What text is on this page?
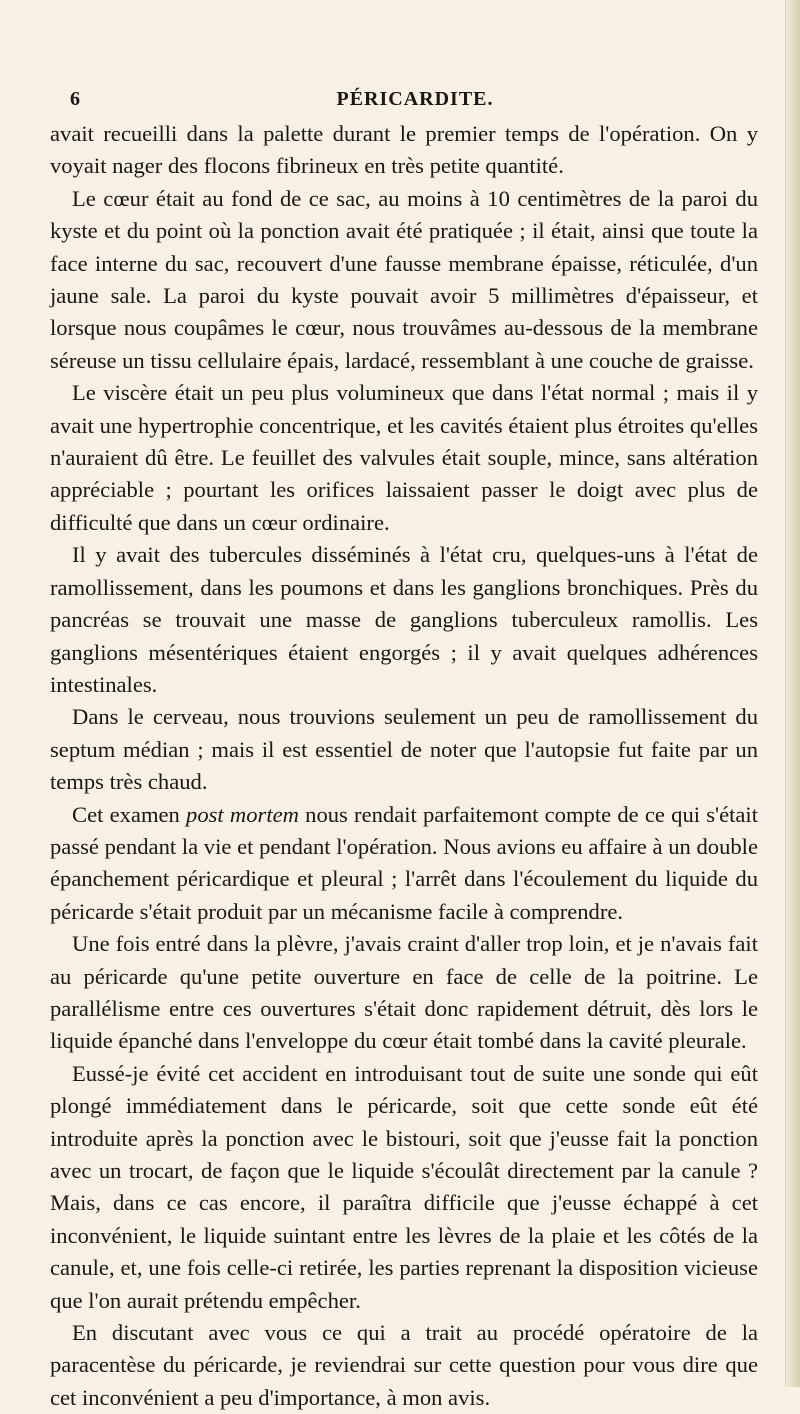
6	PÉRICARDITE.

avait recueilli dans la palette durant le premier temps de l'opération. On y voyait nager des flocons fibrineux en très petite quantité.

Le cœur était au fond de ce sac, au moins à 10 centimètres de la paroi du kyste et du point où la ponction avait été pratiquée ; il était, ainsi que toute la face interne du sac, recouvert d'une fausse membrane épaisse, réticulée, d'un jaune sale. La paroi du kyste pouvait avoir 5 millimètres d'épaisseur, et lorsque nous coupâmes le cœur, nous trouvâmes au-dessous de la membrane séreuse un tissu cellulaire épais, lardacé, ressemblant à une couche de graisse.

Le viscère était un peu plus volumineux que dans l'état normal ; mais il y avait une hypertrophie concentrique, et les cavités étaient plus étroites qu'elles n'auraient dû être. Le feuillet des valvules était souple, mince, sans altération appréciable ; pourtant les orifices laissaient passer le doigt avec plus de difficulté que dans un cœur ordinaire.

Il y avait des tubercules disséminés à l'état cru, quelques-uns à l'état de ramollissement, dans les poumons et dans les ganglions bronchiques. Près du pancréas se trouvait une masse de ganglions tuberculeux ramollis. Les ganglions mésentériques étaient engorgés ; il y avait quelques adhérences intestinales.

Dans le cerveau, nous trouvions seulement un peu de ramollissement du septum médian ; mais il est essentiel de noter que l'autopsie fut faite par un temps très chaud.

Cet examen post mortem nous rendait parfaitemont compte de ce qui s'était passé pendant la vie et pendant l'opération. Nous avions eu affaire à un double épanchement péricardique et pleural ; l'arrêt dans l'écoulement du liquide du péricarde s'était produit par un mécanisme facile à comprendre.

Une fois entré dans la plèvre, j'avais craint d'aller trop loin, et je n'avais fait au péricarde qu'une petite ouverture en face de celle de la poitrine. Le parallélisme entre ces ouvertures s'était donc rapidement détruit, dès lors le liquide épanché dans l'enveloppe du cœur était tombé dans la cavité pleurale.

Eussé-je évité cet accident en introduisant tout de suite une sonde qui eût plongé immédiatement dans le péricarde, soit que cette sonde eût été introduite après la ponction avec le bistouri, soit que j'eusse fait la ponction avec un trocart, de façon que le liquide s'écoulât directement par la canule ? Mais, dans ce cas encore, il paraîtra difficile que j'eusse échappé à cet inconvénient, le liquide suintant entre les lèvres de la plaie et les côtés de la canule, et, une fois celle-ci retirée, les parties reprenant la disposition vicieuse que l'on aurait prétendu empêcher.

En discutant avec vous ce qui a trait au procédé opératoire de la paracentèse du péricarde, je reviendrai sur cette question pour vous dire que cet inconvénient a peu d'importance, à mon avis.
